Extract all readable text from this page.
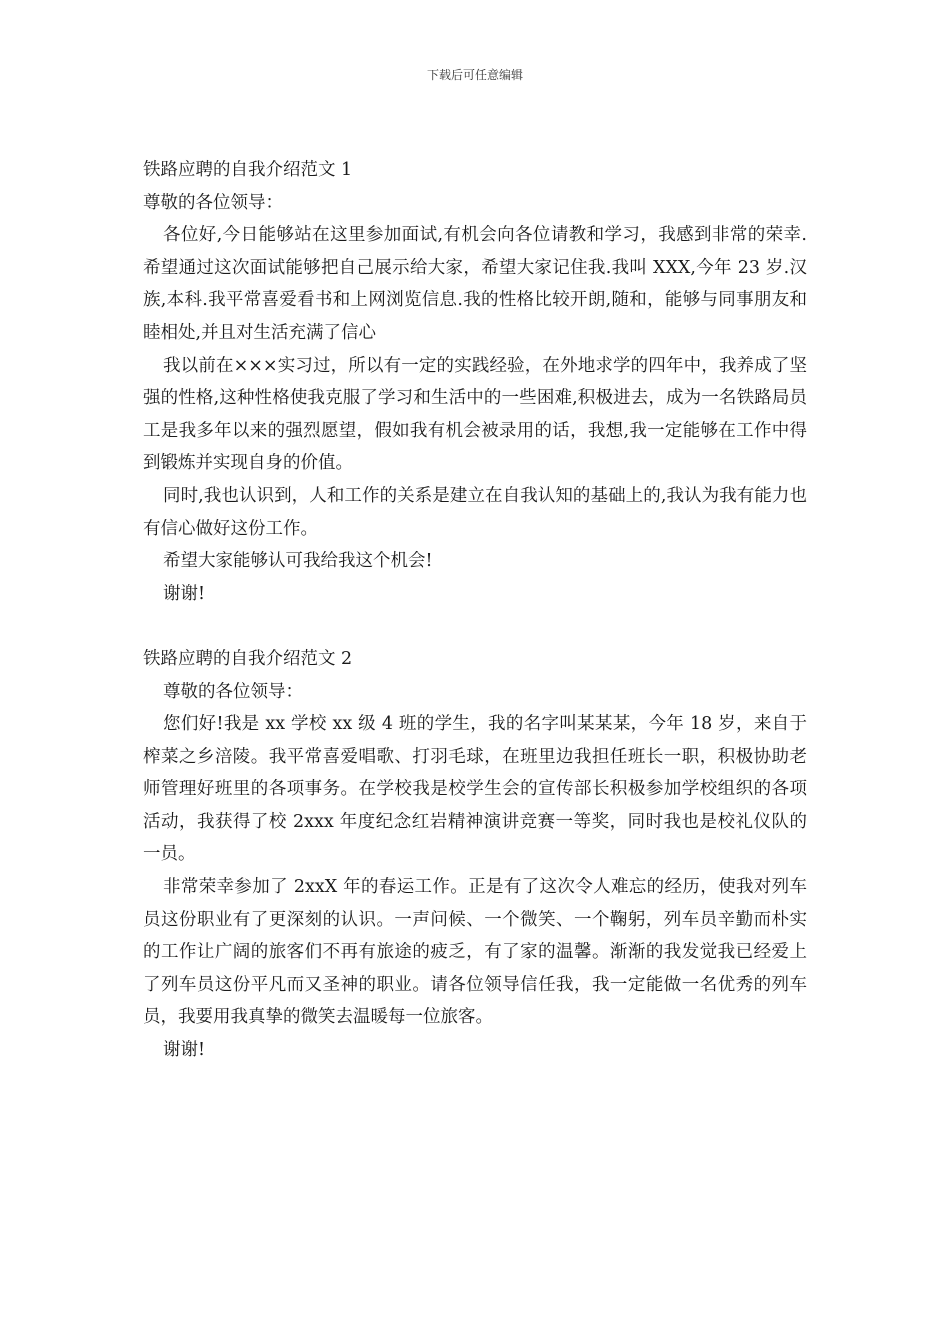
下载后可任意编辑

铁路应聘的自我介绍范文 1

尊敬的各位领导：

各位好,今日能够站在这里参加面试,有机会向各位请教和学习，我感到非常的荣幸.希望通过这次面试能够把自己展示给大家，希望大家记住我.我叫 XXX,今年 23 岁.汉族,本科.我平常喜爱看书和上网浏览信息.我的性格比较开朗,随和，能够与同事朋友和睦相处,并且对生活充满了信心

我以前在×××实习过，所以有一定的实践经验，在外地求学的四年中，我养成了坚强的性格,这种性格使我克服了学习和生活中的一些困难,积极进去，成为一名铁路局员工是我多年以来的强烈愿望，假如我有机会被录用的话，我想,我一定能够在工作中得到锻炼并实现自身的价值。

同时,我也认识到，人和工作的关系是建立在自我认知的基础上的,我认为我有能力也有信心做好这份工作。

希望大家能够认可我给我这个机会!

谢谢!

铁路应聘的自我介绍范文 2

尊敬的各位领导：

您们好!我是 xx 学校 xx 级 4 班的学生，我的名字叫某某某，今年 18 岁，来自于榨菜之乡涪陵。我平常喜爱唱歌、打羽毛球，在班里边我担任班长一职，积极协助老师管理好班里的各项事务。在学校我是校学生会的宣传部长积极参加学校组织的各项活动，我获得了校 2xxx 年度纪念红岩精神演讲竞赛一等奖，同时我也是校礼仪队的一员。

非常荣幸参加了 2xxX 年的春运工作。正是有了这次令人难忘的经历，使我对列车员这份职业有了更深刻的认识。一声问候、一个微笑、一个鞠躬，列车员辛勤而朴实的工作让广阔的旅客们不再有旅途的疲乏，有了家的温馨。渐渐的我发觉我已经爱上了列车员这份平凡而又圣神的职业。请各位领导信任我，我一定能做一名优秀的列车员，我要用我真挚的微笑去温暖每一位旅客。

谢谢!
